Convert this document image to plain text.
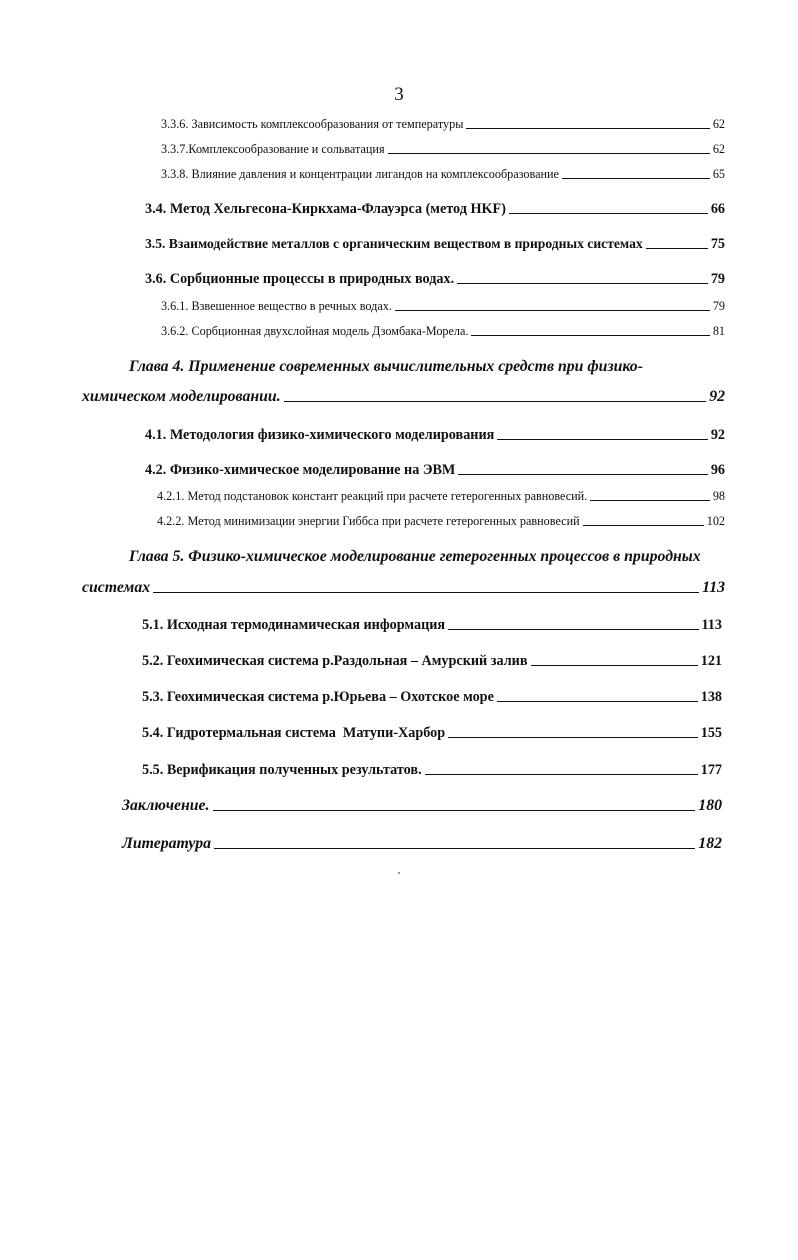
3
3.3.6. Зависимость комплексообразования от температуры	62
3.3.7.Комплексообразование и сольватация	62
3.3.8. Влияние давления и концентрации лигандов на комплексообразование	65
3.4. Метод Хельгесона-Киркхама-Флауэрса (метод HKF)	66
3.5. Взаимодействие металлов с органическим веществом в природных системах	75
3.6. Сорбционные процессы в природных водах.	79
3.6.1. Взвешенное вещество в речных водах.	79
3.6.2. Сорбционная двухслойная модель Дзомбака-Морела.	81
Глава 4. Применение современных вычислительных средств при физико-
химическом моделировании.	92
4.1. Методология физико-химического моделирования	92
4.2. Физико-химическое моделирование на ЭВМ	96
4.2.1. Метод подстановок констант реакций при расчете гетерогенных равновесий.	98
4.2.2. Метод минимизации энергии Гиббса при расчете гетерогенных равновесий	102
Глава 5. Физико-химическое моделирование гетерогенных процессов в природных
системах	113
5.1. Исходная термодинамическая информация	113
5.2. Геохимическая система р.Раздольная – Амурский залив	121
5.3. Геохимическая система р.Юрьева – Охотское море	138
5.4. Гидротермальная система  Матупи-Харбор	155
5.5. Верификация полученных результатов.	177
Заключение.	180
Литература	182
